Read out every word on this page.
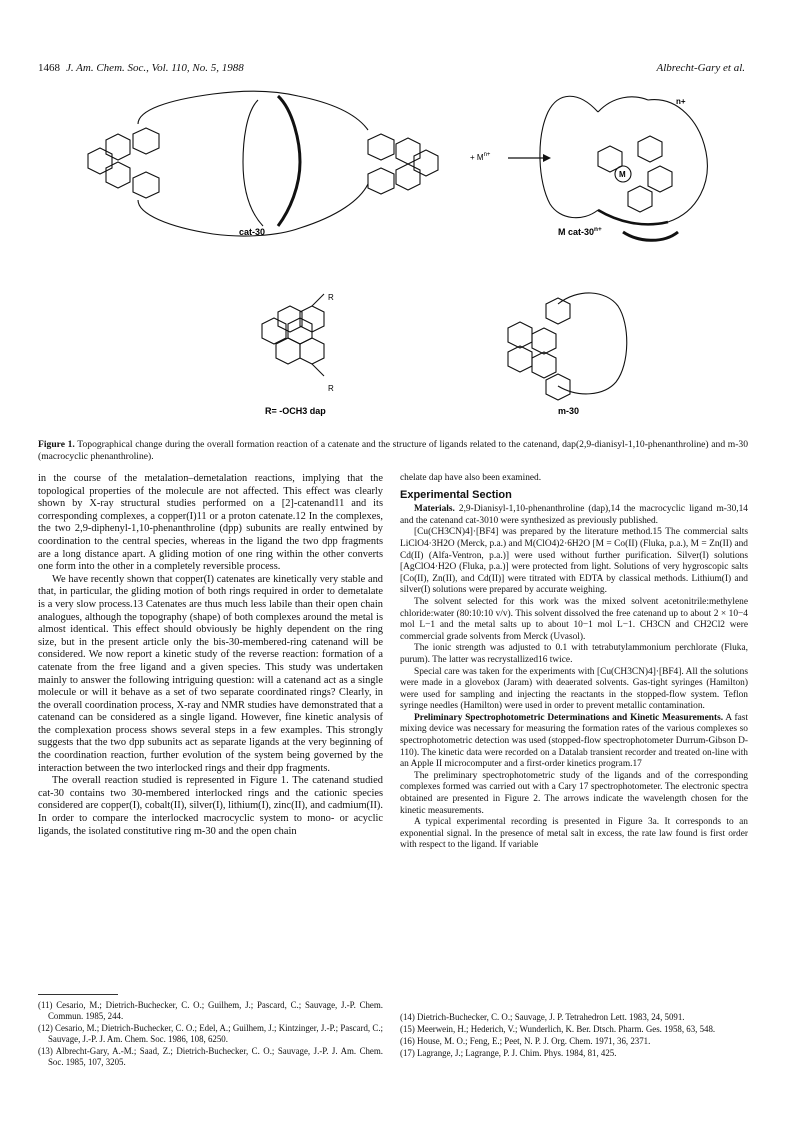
1468 J. Am. Chem. Soc., Vol. 110, No. 5, 1988	Albrecht-Gary et al.
cat-30
+ $M^{n+}$
M
n+
M cat-$30^{n+}$
R
R
R= -OCH3 dap	m-30
Figure 1. Topographical change during the overall formation reaction of a catenate and the structure of ligands related to the catenand, dap(2,9-dianisyl-1,10-phenanthroline) and m-30 (macrocyclic phenanthroline).

in the course of the metalation–demetalation reactions, implying that the topological properties of the molecule are not affected. This effect was clearly shown by X-ray structural studies performed on a [2]-catenand11 and its corresponding complexes, a copper(I)11 or a proton catenate.12 In the complexes, the two 2,9-diphenyl-1,10-phenanthroline (dpp) subunits are really entwined by coordination to the central species, whereas in the ligand the two dpp fragments are a long distance apart. A gliding motion of one ring within the other converts one form into the other in a completely reversible process.

We have recently shown that copper(I) catenates are kinetically very stable and that, in particular, the gliding motion of both rings required in order to demetalate is a very slow process.13 Catenates are thus much less labile than their open chain analogues, although the topography (shape) of both complexes around the metal is almost identical. This effect should obviously be highly dependent on the ring size, but in the present article only the bis-30-membered-ring catenand will be considered. We now report a kinetic study of the reverse reaction: formation of a catenate from the free ligand and a given species. This study was undertaken mainly to answer the following intriguing question: will a catenand act as a single molecule or will it behave as a set of two separate coordinated rings? Clearly, in the overall coordination process, X-ray and NMR studies have demonstrated that a catenand can be considered as a single ligand. However, fine kinetic analysis of the complexation process shows several steps in a few examples. This strongly suggests that the two dpp subunits act as separate ligands at the very beginning of the coordination reaction, further evolution of the system being governed by the interaction between the two interlocked rings and their dpp fragments.

The overall reaction studied is represented in Figure 1. The catenand studied cat-30 contains two 30-membered interlocked rings and the cationic species considered are copper(I), cobalt(II), silver(I), lithium(I), zinc(II), and cadmium(II). In order to compare the interlocked macrocyclic system to mono- or acyclic ligands, the isolated constitutive ring m-30 and the open chain

chelate dap have also been examined.

Experimental Section

Materials. 2,9-Dianisyl-1,10-phenanthroline (dap),14 the macrocyclic ligand m-30,14 and the catenand cat-3010 were synthesized as previously published.

[Cu(CH3CN)4]·[BF4] was prepared by the literature method.15 The commercial salts LiClO4·3H2O (Merck, p.a.) and M(ClO4)2·6H2O [M = Co(II) (Fluka, p.a.), M = Zn(II) and Cd(II) (Alfa-Ventron, p.a.)] were used without further purification. Silver(I) solutions [AgClO4·H2O (Fluka, p.a.)] were protected from light. Solutions of very hygroscopic salts [Co(II), Zn(II), and Cd(II)] were titrated with EDTA by classical methods. Lithium(I) and silver(I) solutions were prepared by accurate weighing.

The solvent selected for this work was the mixed solvent acetonitrile:methylene chloride:water (80:10:10 v/v). This solvent dissolved the free catenand up to about 2 × 10−4 mol L−1 and the metal salts up to about 10−1 mol L−1. CH3CN and CH2Cl2 were commercial grade solvents from Merck (Uvasol).

The ionic strength was adjusted to 0.1 with tetrabutylammonium perchlorate (Fluka, purum). The latter was recrystallized16 twice.

Special care was taken for the experiments with [Cu(CH3CN)4]·[BF4]. All the solutions were made in a glovebox (Jaram) with deaerated solvents. Gas-tight syringes (Hamilton) were used for sampling and injecting the reactants in the stopped-flow system. Teflon syringe needles (Hamilton) were used in order to prevent metallic contamination.

Preliminary Spectrophotometric Determinations and Kinetic Measurements. A fast mixing device was necessary for measuring the formation rates of the various complexes so spectrophotometric detection was used (stopped-flow spectrophotometer Durrum-Gibson D-110). The kinetic data were recorded on a Datalab transient recorder and treated on-line with an Apple II microcomputer and a first-order kinetics program.17

The preliminary spectrophotometric study of the ligands and of the corresponding complexes formed was carried out with a Cary 17 spectrophotometer. The electronic spectra obtained are presented in Figure 2. The arrows indicate the wavelength chosen for the kinetic measurements.

A typical experimental recording is presented in Figure 3a. It corresponds to an exponential signal. In the presence of metal salt in excess, the rate law found is first order with respect to the ligand. If variable

(11) Cesario, M.; Dietrich-Buchecker, C. O.; Guilhem, J.; Pascard, C.; Sauvage, J.-P. Chem. Commun. 1985, 244.

(12) Cesario, M.; Dietrich-Buchecker, C. O.; Edel, A.; Guilhem, J.; Kintzinger, J.-P.; Pascard, C.; Sauvage, J.-P. J. Am. Chem. Soc. 1986, 108, 6250.

(13) Albrecht-Gary, A.-M.; Saad, Z.; Dietrich-Buchecker, C. O.; Sauvage, J.-P. J. Am. Chem. Soc. 1985, 107, 3205.

(14) Dietrich-Buchecker, C. O.; Sauvage, J. P. Tetrahedron Lett. 1983, 24, 5091.

(15) Meerwein, H.; Hederich, V.; Wunderlich, K. Ber. Dtsch. Pharm. Ges. 1958, 63, 548.

(16) House, M. O.; Feng, E.; Peet, N. P. J. Org. Chem. 1971, 36, 2371.

(17) Lagrange, J.; Lagrange, P. J. Chim. Phys. 1984, 81, 425.
